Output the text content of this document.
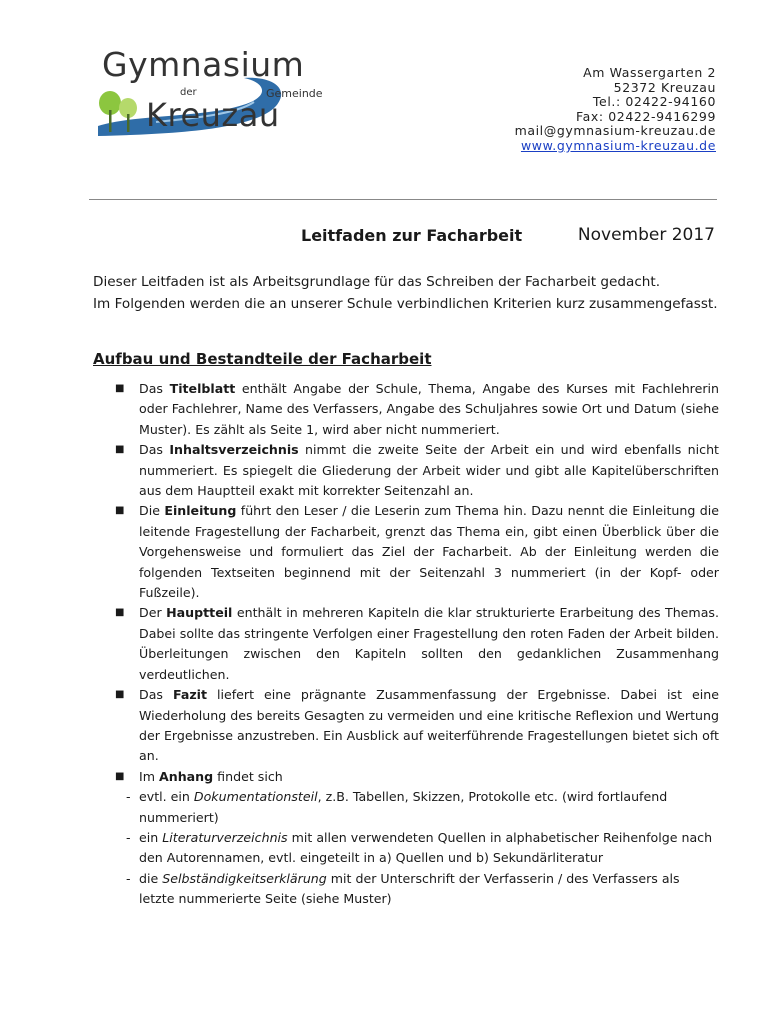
Gymnasium
der	Gemeinde
Kreuzau
Am Wassergarten 2
52372 Kreuzau
Tel.: 02422-94160
Fax: 02422-9416299
mail@gymnasium-kreuzau.de
www.gymnasium-kreuzau.de
Leitfaden zur Facharbeit	November 2017

Dieser Leitfaden ist als Arbeitsgrundlage für das Schreiben der Facharbeit gedacht.

Im Folgenden werden die an unserer Schule verbindlichen Kriterien kurz zusammengefasst.

Aufbau und Bestandteile der Facharbeit
■ Das Titelblatt enthält Angabe der Schule, Thema, Angabe des Kurses mit Fachlehrerin oder Fachlehrer, Name des Verfassers, Angabe des Schuljahres sowie Ort und Datum (siehe Muster). Es zählt als Seite 1, wird aber nicht nummeriert.
■ Das Inhaltsverzeichnis nimmt die zweite Seite der Arbeit ein und wird ebenfalls nicht nummeriert. Es spiegelt die Gliederung der Arbeit wider und gibt alle Kapitelüberschriften aus dem Hauptteil exakt mit korrekter Seitenzahl an.
■ Die Einleitung führt den Leser / die Leserin zum Thema hin. Dazu nennt die Einleitung die leitende Fragestellung der Facharbeit, grenzt das Thema ein, gibt einen Überblick über die Vorgehensweise und formuliert das Ziel der Facharbeit. Ab der Einleitung werden die folgenden Textseiten beginnend mit der Seitenzahl 3 nummeriert (in der Kopf- oder Fußzeile).
■ Der Hauptteil enthält in mehreren Kapiteln die klar strukturierte Erarbeitung des Themas. Dabei sollte das stringente Verfolgen einer Fragestellung den roten Faden der Arbeit bilden. Überleitungen zwischen den Kapiteln sollten den gedanklichen Zusammenhang verdeutlichen.
■ Das Fazit liefert eine prägnante Zusammenfassung der Ergebnisse. Dabei ist eine Wiederholung des bereits Gesagten zu vermeiden und eine kritische Reflexion und Wertung der Ergebnisse anzustreben. Ein Ausblick auf weiterführende Fragestellungen bietet sich oft an.
■ Im Anhang findet sich
- evtl. ein Dokumentationsteil, z.B. Tabellen, Skizzen, Protokolle etc. (wird fortlaufend nummeriert)
- ein Literaturverzeichnis mit allen verwendeten Quellen in alphabetischer Reihenfolge nach den Autorennamen, evtl. eingeteilt in a) Quellen und b) Sekundärliteratur
- die Selbständigkeitserklärung mit der Unterschrift der Verfasserin / des Verfassers als letzte nummerierte Seite (siehe Muster)
